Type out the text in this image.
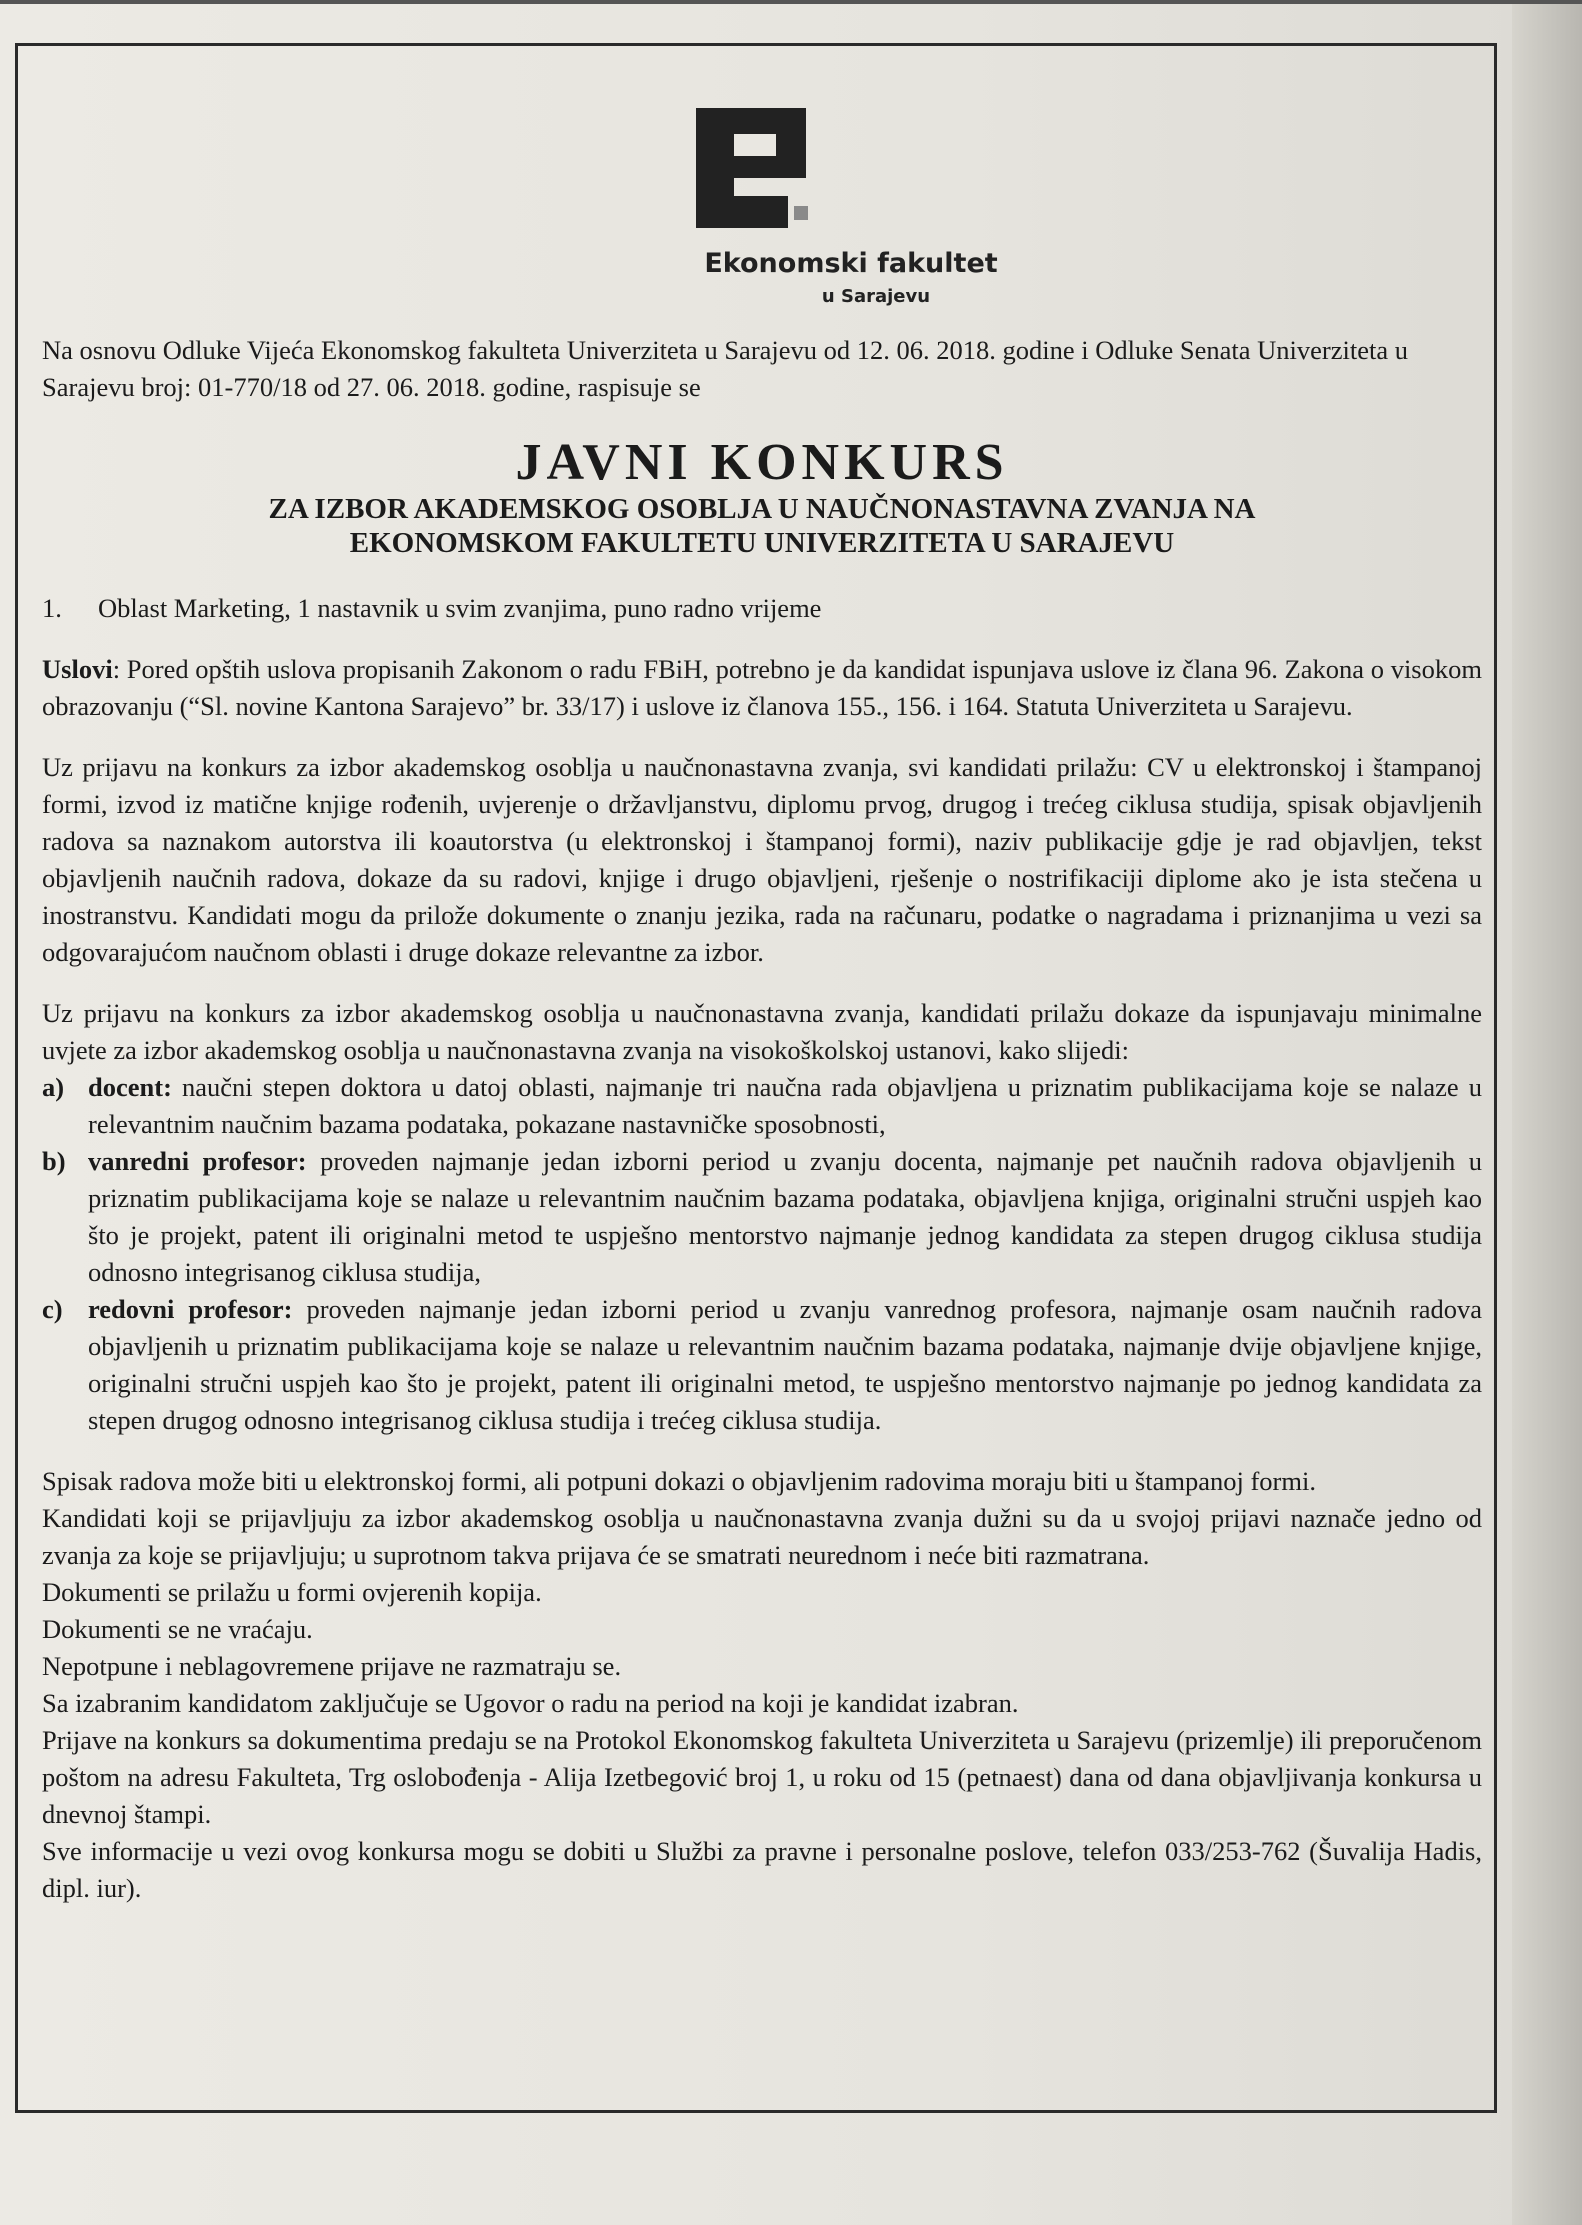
Ekonomski fakultet
u Sarajevu

Na osnovu Odluke Vijeća Ekonomskog fakulteta Univerziteta u Sarajevu od 12. 06. 2018. godine i Odluke Senata Univerziteta u Sarajevu broj: 01-770/18 od 27. 06. 2018. godine, raspisuje se

JAVNI KONKURS

ZA IZBOR AKADEMSKOG OSOBLJA U NAUČNONASTAVNA ZVANJA NA

EKONOMSKOM FAKULTETU UNIVERZITETA U SARAJEVU

1.	Oblast Marketing, 1 nastavnik u svim zvanjima, puno radno vrijeme

Uslovi: Pored opštih uslova propisanih Zakonom o radu FBiH, potrebno je da kandidat ispunjava uslove iz člana 96. Zakona o visokom obrazovanju (“Sl. novine Kantona Sarajevo” br. 33/17) i uslove iz članova 155., 156. i 164. Statuta Univerziteta u Sarajevu.

Uz prijavu na konkurs za izbor akademskog osoblja u naučnonastavna zvanja, svi kandidati prilažu: CV u elektronskoj i štampanoj formi, izvod iz matične knjige rođenih, uvjerenje o državljanstvu, diplomu prvog, drugog i trećeg ciklusa studija, spisak objavljenih radova sa naznakom autorstva ili koautorstva (u elektronskoj i štampanoj formi), naziv publikacije gdje je rad objavljen, tekst objavljenih naučnih radova, dokaze da su radovi, knjige i drugo objavljeni, rješenje o nostrifikaciji diplome ako je ista stečena u inostranstvu. Kandidati mogu da prilože dokumente o znanju jezika, rada na računaru, podatke o nagradama i priznanjima u vezi sa odgovarajućom naučnom oblasti i druge dokaze relevantne za izbor.

Uz prijavu na konkurs za izbor akademskog osoblja u naučnonastavna zvanja, kandidati prilažu dokaze da ispunjavaju minimalne uvjete za izbor akademskog osoblja u naučnonastavna zvanja na visokoškolskoj ustanovi, kako slijedi:

a) docent: naučni stepen doktora u datoj oblasti, najmanje tri naučna rada objavljena u priznatim publikacijama koje se nalaze u relevantnim naučnim bazama podataka, pokazane nastavničke sposobnosti,
b) vanredni profesor: proveden najmanje jedan izborni period u zvanju docenta, najmanje pet naučnih radova objavljenih u priznatim publikacijama koje se nalaze u relevantnim naučnim bazama podataka, objavljena knjiga, originalni stručni uspjeh kao što je projekt, patent ili originalni metod te uspješno mentorstvo najmanje jednog kandidata za stepen drugog ciklusa studija odnosno integrisanog ciklusa studija,
c) redovni profesor: proveden najmanje jedan izborni period u zvanju vanrednog profesora, najmanje osam naučnih radova objavljenih u priznatim publikacijama koje se nalaze u relevantnim naučnim bazama podataka, najmanje dvije objavljene knjige, originalni stručni uspjeh kao što je projekt, patent ili originalni metod, te uspješno mentorstvo najmanje po jednog kandidata za stepen drugog odnosno integrisanog ciklusa studija i trećeg ciklusa studija.

Spisak radova može biti u elektronskoj formi, ali potpuni dokazi o objavljenim radovima moraju biti u štampanoj formi.

Kandidati koji se prijavljuju za izbor akademskog osoblja u naučnonastavna zvanja dužni su da u svojoj prijavi naznače jedno od zvanja za koje se prijavljuju; u suprotnom takva prijava će se smatrati neurednom i neće biti razmatrana.

Dokumenti se prilažu u formi ovjerenih kopija.

Dokumenti se ne vraćaju.

Nepotpune i neblagovremene prijave ne razmatraju se.

Sa izabranim kandidatom zaključuje se Ugovor o radu na period na koji je kandidat izabran.

Prijave na konkurs sa dokumentima predaju se na Protokol Ekonomskog fakulteta Univerziteta u Sarajevu (prizemlje) ili preporučenom poštom na adresu Fakulteta, Trg oslobođenja - Alija Izetbegović broj 1, u roku od 15 (petnaest) dana od dana objavljivanja konkursa u dnevnoj štampi.

Sve informacije u vezi ovog konkursa mogu se dobiti u Službi za pravne i personalne poslove, telefon 033/253-762 (Šuvalija Hadis, dipl. iur).
